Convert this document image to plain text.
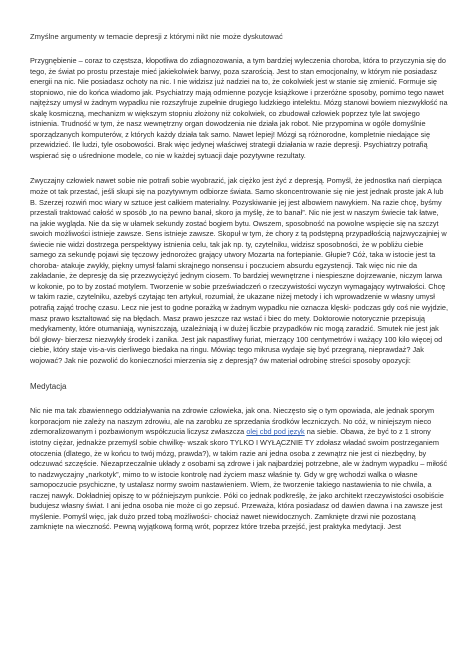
Zmyślne argumenty w temacie depresji z którymi nikt nie może dyskutować

Przygnębienie – coraz to częstsza, kłopotliwa do zdiagnozowania, a tym bardziej wyleczenia choroba, która to przyczynia się do tego, że świat po prostu przestaje mieć jakiekolwiek barwy, poza szarością. Jest to stan emocjonalny, w którym nie posiadasz energii na nic. Nie posiadasz ochoty na nic. I nie widzisz już nadziei na to, że cokolwiek jest w stanie się zmienić. Formuje się stopniowo, nie do końca wiadomo jak. Psychiatrzy mają odmienne pozycje książkowe i przeróżne sposoby, pomimo tego nawet najtęższy umysł w żadnym wypadku nie rozszyfruje zupełnie drugiego ludzkiego intelektu. Mózg stanowi bowiem niezwykłość na skalę kosmiczną, mechanizm w większym stopniu złożony niż cokolwiek, co zbudował człowiek poprzez tyle lat swojego istnienia. Trudność w tym, że nasz wewnętrzny organ dowodzenia nie działa jak robot. Nie przypomina w ogóle domyślnie sporządzanych komputerów, z których każdy działa tak samo. Nawet lepiej! Mózgi są różnorodne, kompletnie niedające się przewidzieć. Ile ludzi, tyle osobowości. Brak więc jedynej właściwej strategii działania w razie depresji. Psychiatrzy potrafią wspierać się o uśrednione modele, co nie w każdej sytuacji daje pozytywne rezultaty.

Zwyczajny człowiek nawet sobie nie potrafi sobie wyobrazić, jak ciężko jest żyć z depresją. Pomyśl, że jednostka nań cierpiąca może ot tak przestać, jeśli skupi się na pozytywnym odbiorze świata. Samo skoncentrowanie się nie jest jednak proste jak A lub B. Szerzej rozwiń moc wiary w sztuce jest całkiem materialny. Pozyskiwanie jej jest albowiem nawykiem. Na razie chcę, byśmy przestali traktować całość w sposób „to na pewno banał, skoro ja myślę, że to banał”. Nic nie jest w naszym świecie tak łatwe, na jakie wygląda. Nie da się w ułamek sekundy zostać bogiem bytu. Owszem, sposobność na powolne wspięcie się na szczyt swoich możliwości istnieje zawsze. Sens istnieje zawsze. Skopuł w tym, że chory z tą podstępną przypadłością najzwyczajniej w świecie nie widzi dostrzega perspektywy istnienia celu, tak jak np. ty, czytelniku, widzisz sposobności, że w pobliżu ciebie samego za sekundę pojawi się tęczowy jednorożec grający utwory Mozarta na fortepianie. Głupie? Cóż, taka w istocie jest ta choroba- atakuje zwykły, piękny umysł falami skrajnego nonsensu i poczuciem absurdu egzystencji. Tak więc nic nie da zakładanie, że depresję da się przezwyciężyć jednym ciosem. To bardziej wewnętrzne i niespieszne dojrzewanie, niczym larwa w kokonie, po to by zostać motylem. Tworzenie w sobie przeświadczeń o rzeczywistości wyczyn wymagający wytrwałości. Chcę w takim razie, czytelniku, azebyś czytając ten artykuł, rozumiał, że ukazane niżej metody i ich wprowadzenie w własny umysł potrafią zająć trochę czasu. Lecz nie jest to godne porażką w żadnym wypadku nie oznacza klęski- podczas gdy coś nie wyjdzie, masz prawo ksztaltować się na błędach. Masz prawo jeszcze raz wstać i biec do mety. Doktorowie notorycznie przepisują medykamenty, które otumaniają, wyniszczają, uzależniają i w dużej liczbie przypadków nic mogą zaradzić. Smutek nie jest jak ból głowy- bierzesz niezwykły środek i zanika. Jest jak napastliwy furiat, mierzący 100 centymetrów i ważący 100 kilo więcej od ciebie, który staje vis-a-vis cierliwego biedaka na ringu. Mówiąc tego mikrusa wydaje się być przegraną, nieprawdaż? Jak wojować? Jak nie pozwolić do konieczności mierzenia się z depresją? ów materiał odrobinę streści sposoby opozycji:

Medytacja

Nic nie ma tak zbawiennego oddziaływania na zdrowie człowieka, jak ona. Nieczęsto się o tym opowiada, ale jednak sporym korporacjom nie zależy na naszym zdrowiu, ale na zarobku ze sprzedania środków leczniczych. No cóż, w niniejszym nieco zdemoralizowanym i pozbawionym współczucia liczysz zwłaszcza olej cbd pod język na siebie. Obawa, że być to z 1 strony istotny ciężar, jednakże przemyśl sobie chwilkę- wszak skoro TYLKO I WYŁĄCZNIE TY zdołasz władać swoim postrzeganiem otoczenia (dlatego, że w końcu to twój mózg, prawda?), w takim razie ani jedna osoba z zewnątrz nie jest ci niezbędny, by odczuwać szczęście. Niezaprzeczalnie układy z osobami są zdrowe i jak najbardziej potrzebne, ale w żadnym wypadku – miłość to nadzwyczajny „narkotyk”, mimo to w istocie kontrolę nad życiem masz właśnie ty. Gdy w grę wchodzi walka o własne samopoczucie psychiczne, ty ustalasz normy swoim nastawieniem. Wiem, że tworzenie takiego nastawienia to nie chwila, a raczej nawyk. Dokładniej opiszę to w późniejszym punkcie. Póki co jednak podkreślę, że jako architekt rzeczywistości osobiście budujesz własny świat. I ani jedna osoba nie może ci go zepsuć. Przeważa, która posiadasz od dawien dawna i na zawsze jest myślenie. Pomyśl więc, jak dużo przed tobą możliwości- chociaż nawet niewidocznych. Zamknięte drzwi nie pozostaną zamknięte na wieczność. Pewną wyjątkową formą wrót, poprzez które trzeba przejść, jest praktyka medytacji. Jest
